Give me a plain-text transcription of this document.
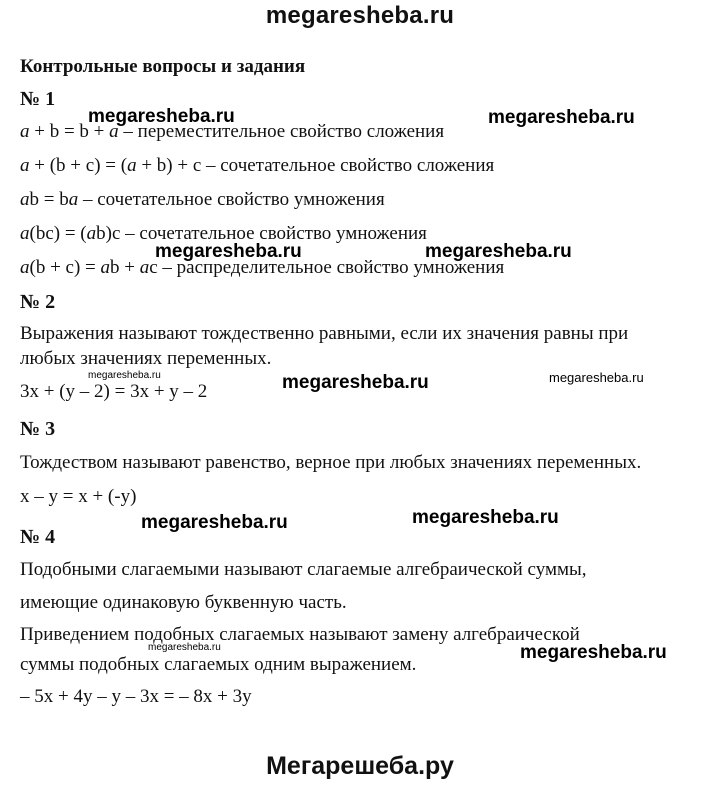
megaresheba.ru
Контрольные вопросы и задания
№ 1
a + b = b + a – переместительное свойство сложения
a + (b + c) = (a + b) + c – сочетательное свойство сложения
ab = ba – сочетательное свойство умножения
a(bc) = (ab)c – сочетательное свойство умножения
a(b + c) = ab + ac – распределительное свойство умножения
№ 2
Выражения называют тождественно равными, если их значения равны при
любых значениях переменных.
3x + (y – 2) = 3x + y – 2
№ 3
Тождеством называют равенство, верное при любых значениях переменных.
x – y = x + (-y)
№ 4
Подобными слагаемыми называют слагаемые алгебраической суммы,
имеющие одинаковую буквенную часть.
Приведением подобных слагаемых называют замену алгебраической
суммы подобных слагаемых одним выражением.
– 5x + 4y – y – 3x = – 8x + 3y
megaresheba.ru	megaresheba.ru
megaresheba.ru	megaresheba.ru
megaresheba.ru	megaresheba.ru	megaresheba.ru
megaresheba.ru	megaresheba.ru
megaresheba.ru	megaresheba.ru
Мегарешеба.ру
